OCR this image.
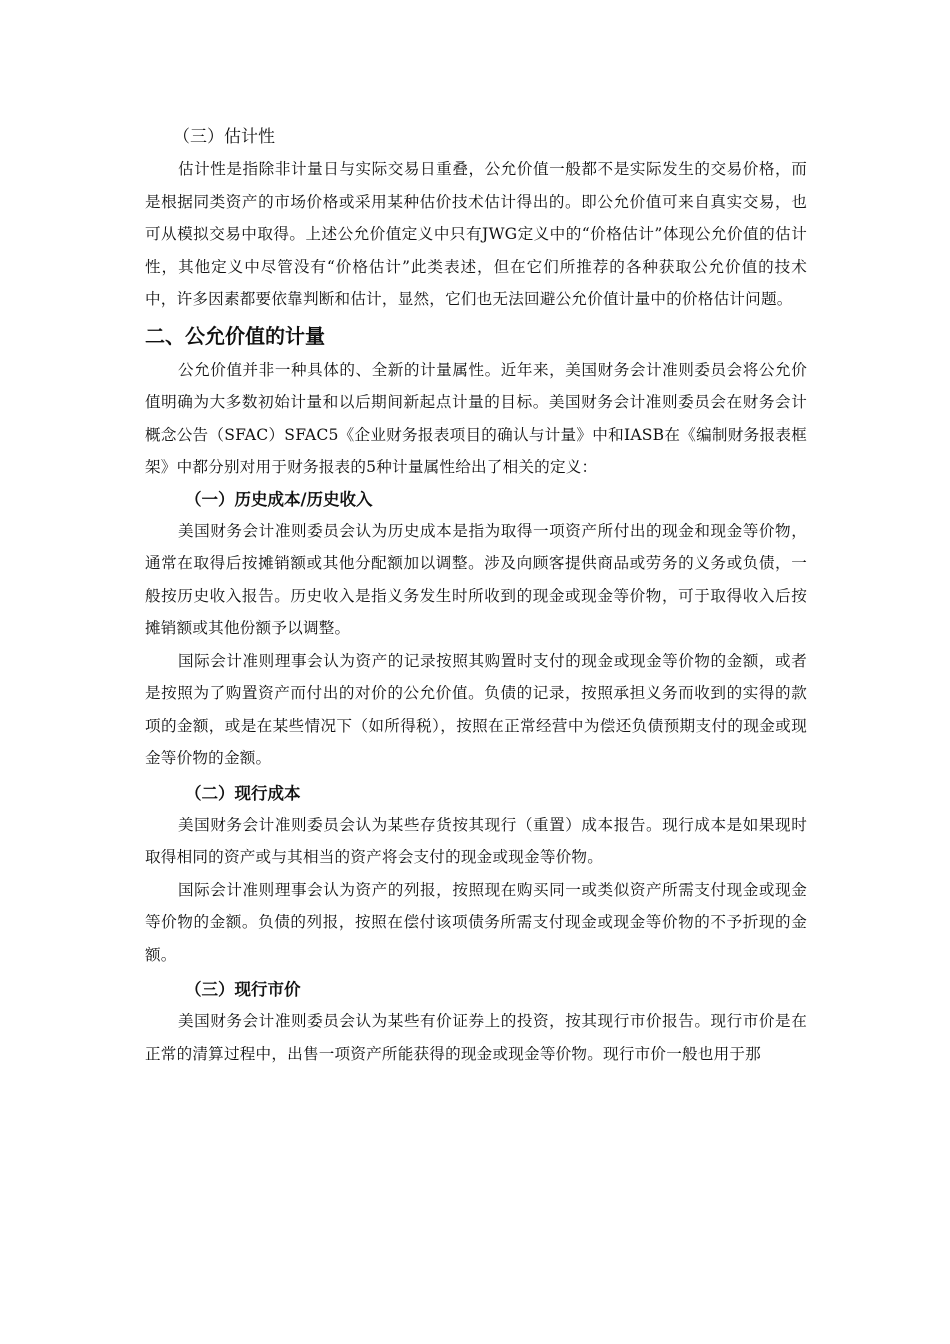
（三）估计性

估计性是指除非计量日与实际交易日重叠，公允价值一般都不是实际发生的交易价格，而是根据同类资产的市场价格或采用某种估价技术估计得出的。即公允价值可来自真实交易，也可从模拟交易中取得。上述公允价值定义中只有JWG定义中的“价格估计”体现公允价值的估计性，其他定义中尽管没有“价格估计”此类表述，但在它们所推荐的各种获取公允价值的技术中，许多因素都要依靠判断和估计，显然，它们也无法回避公允价值计量中的价格估计问题。

二、公允价值的计量

公允价值并非一种具体的、全新的计量属性。近年来，美国财务会计准则委员会将公允价值明确为大多数初始计量和以后期间新起点计量的目标。美国财务会计准则委员会在财务会计概念公告（SFAC）SFAC5《企业财务报表项目的确认与计量》中和IASB在《编制财务报表框架》中都分别对用于财务报表的5种计量属性给出了相关的定义：

（一）历史成本/历史收入

美国财务会计准则委员会认为历史成本是指为取得一项资产所付出的现金和现金等价物，通常在取得后按摊销额或其他分配额加以调整。涉及向顾客提供商品或劳务的义务或负债，一般按历史收入报告。历史收入是指义务发生时所收到的现金或现金等价物，可于取得收入后按摊销额或其他份额予以调整。

国际会计准则理事会认为资产的记录按照其购置时支付的现金或现金等价物的金额，或者是按照为了购置资产而付出的对价的公允价值。负债的记录，按照承担义务而收到的实得的款项的金额，或是在某些情况下（如所得税），按照在正常经营中为偿还负债预期支付的现金或现金等价物的金额。

（二）现行成本

美国财务会计准则委员会认为某些存货按其现行（重置）成本报告。现行成本是如果现时取得相同的资产或与其相当的资产将会支付的现金或现金等价物。

国际会计准则理事会认为资产的列报，按照现在购买同一或类似资产所需支付现金或现金等价物的金额。负债的列报，按照在偿付该项债务所需支付现金或现金等价物的不予折现的金额。

（三）现行市价

美国财务会计准则委员会认为某些有价证券上的投资，按其现行市价报告。现行市价是在正常的清算过程中，出售一项资产所能获得的现金或现金等价物。现行市价一般也用于那
